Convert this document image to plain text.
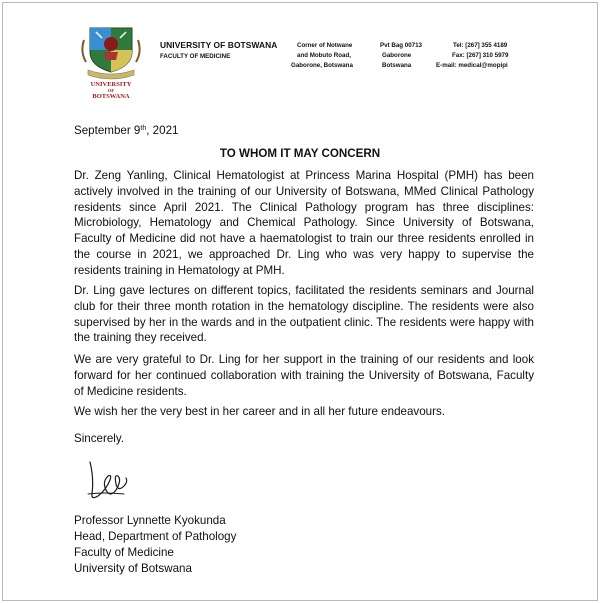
UNIVERSITY
OF
BOTSWANA
UNIVERSITY OF BOTSWANA
FACULTY OF MEDICINE
Corner of Notwane
and Mobuto Road,
Gaborone, Botswana
Pvt Bag 00713
Gaborone
Botswana
Tel: [267] 355 4189
Fax: [267] 310 5979
E-mail: medical@mopipi
September 9th, 2021
TO WHOM IT MAY CONCERN
Dr. Zeng Yanling, Clinical Hematologist at Princess Marina Hospital (PMH) has been actively involved in the training of our University of Botswana, MMed Clinical Pathology residents since April 2021. The Clinical Pathology program has three disciplines: Microbiology, Hematology and Chemical Pathology. Since University of Botswana, Faculty of Medicine did not have a haematologist to train our three residents enrolled in the course in 2021, we approached Dr. Ling who was very happy to supervise the residents training in Hematology at PMH.
Dr. Ling gave lectures on different topics, facilitated the residents seminars and Journal club for their three month rotation in the hematology discipline. The residents were also supervised by her in the wards and in the outpatient clinic. The residents were happy with the training they received.
We are very grateful to Dr. Ling for her support in the training of our residents and look forward for her continued collaboration with training the University of Botswana, Faculty of Medicine residents.
We wish her the very best in her career and in all her future endeavours.
Sincerely.
Professor Lynnette Kyokunda
Head, Department of Pathology
Faculty of Medicine
University of Botswana
